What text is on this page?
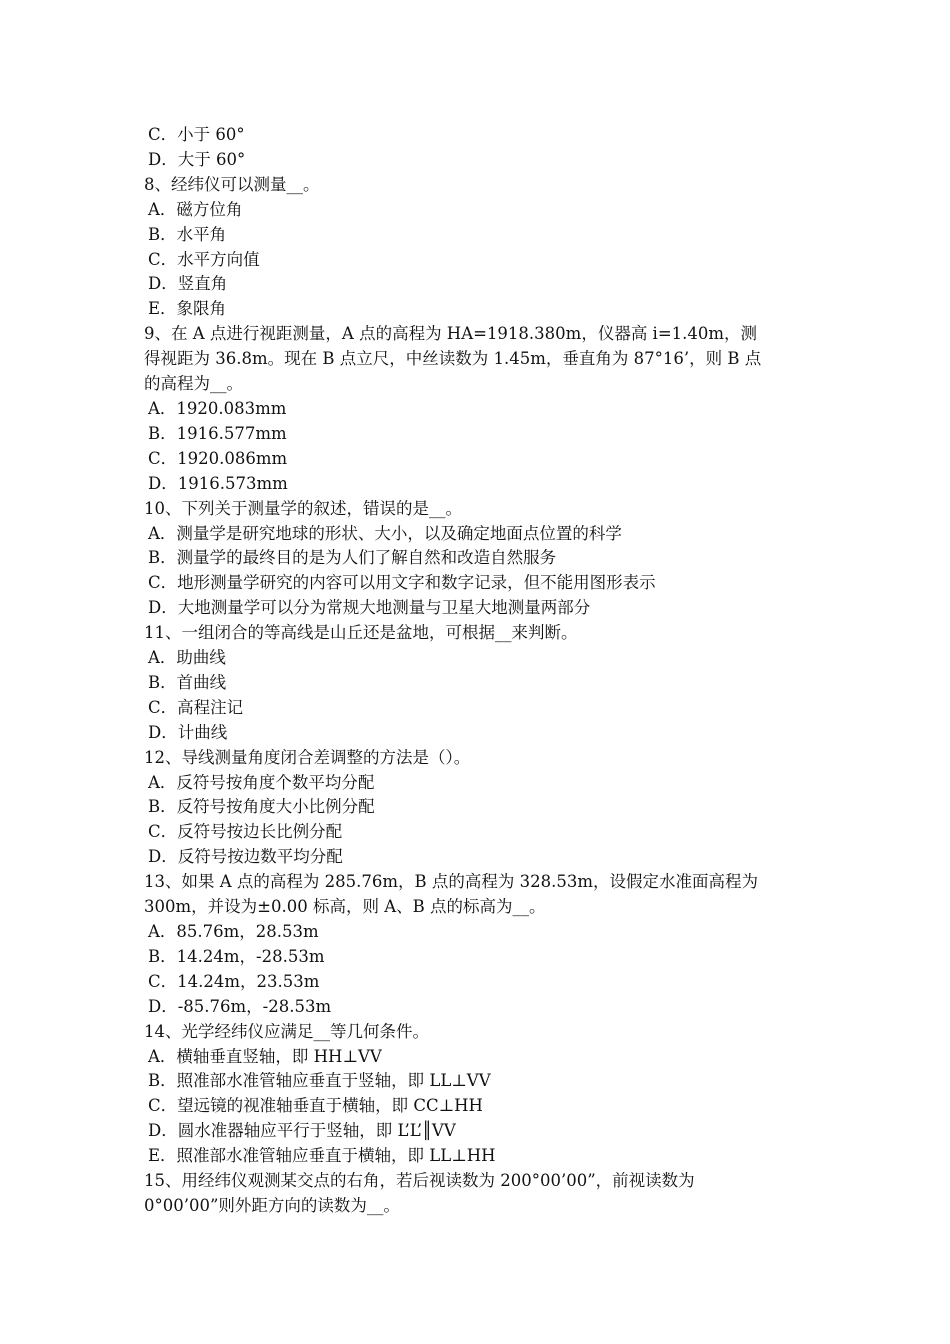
C．小于 60°
D．大于 60°
8、经纬仪可以测量__。
A．磁方位角
B．水平角
C．水平方向值
D．竖直角
E．象限角
9、在 A 点进行视距测量，A 点的高程为 HA=1918.380m，仪器高 i=1.40m，测
得视距为 36.8m。现在 B 点立尺，中丝读数为 1.45m，垂直角为 87°16’，则 B 点
的高程为__。
A．1920.083mm
B．1916.577mm
C．1920.086mm
D．1916.573mm
10、下列关于测量学的叙述，错误的是__。
A．测量学是研究地球的形状、大小，以及确定地面点位置的科学
B．测量学的最终目的是为人们了解自然和改造自然服务
C．地形测量学研究的内容可以用文字和数字记录，但不能用图形表示
D．大地测量学可以分为常规大地测量与卫星大地测量两部分
11、一组闭合的等高线是山丘还是盆地，可根据__来判断。
A．助曲线
B．首曲线
C．高程注记
D．计曲线
12、导线测量角度闭合差调整的方法是（）。
A．反符号按角度个数平均分配
B．反符号按角度大小比例分配
C．反符号按边长比例分配
D．反符号按边数平均分配
13、如果 A 点的高程为 285.76m，B 点的高程为 328.53m，设假定水准面高程为
300m，并设为±0.00 标高，则 A、B 点的标高为__。
A．85.76m，28.53m
B．14.24m，-28.53m
C．14.24m，23.53m
D．-85.76m，-28.53m
14、光学经纬仪应满足__等几何条件。
A．横轴垂直竖轴，即 HH⊥VV
B．照准部水准管轴应垂直于竖轴，即 LL⊥VV
C．望远镜的视准轴垂直于横轴，即 CC⊥HH
D．圆水准器轴应平行于竖轴，即 L’L’║VV
E．照准部水准管轴应垂直于横轴，即 LL⊥HH
15、用经纬仪观测某交点的右角，若后视读数为 200°00’00”，前视读数为
0°00’00”则外距方向的读数为__。
